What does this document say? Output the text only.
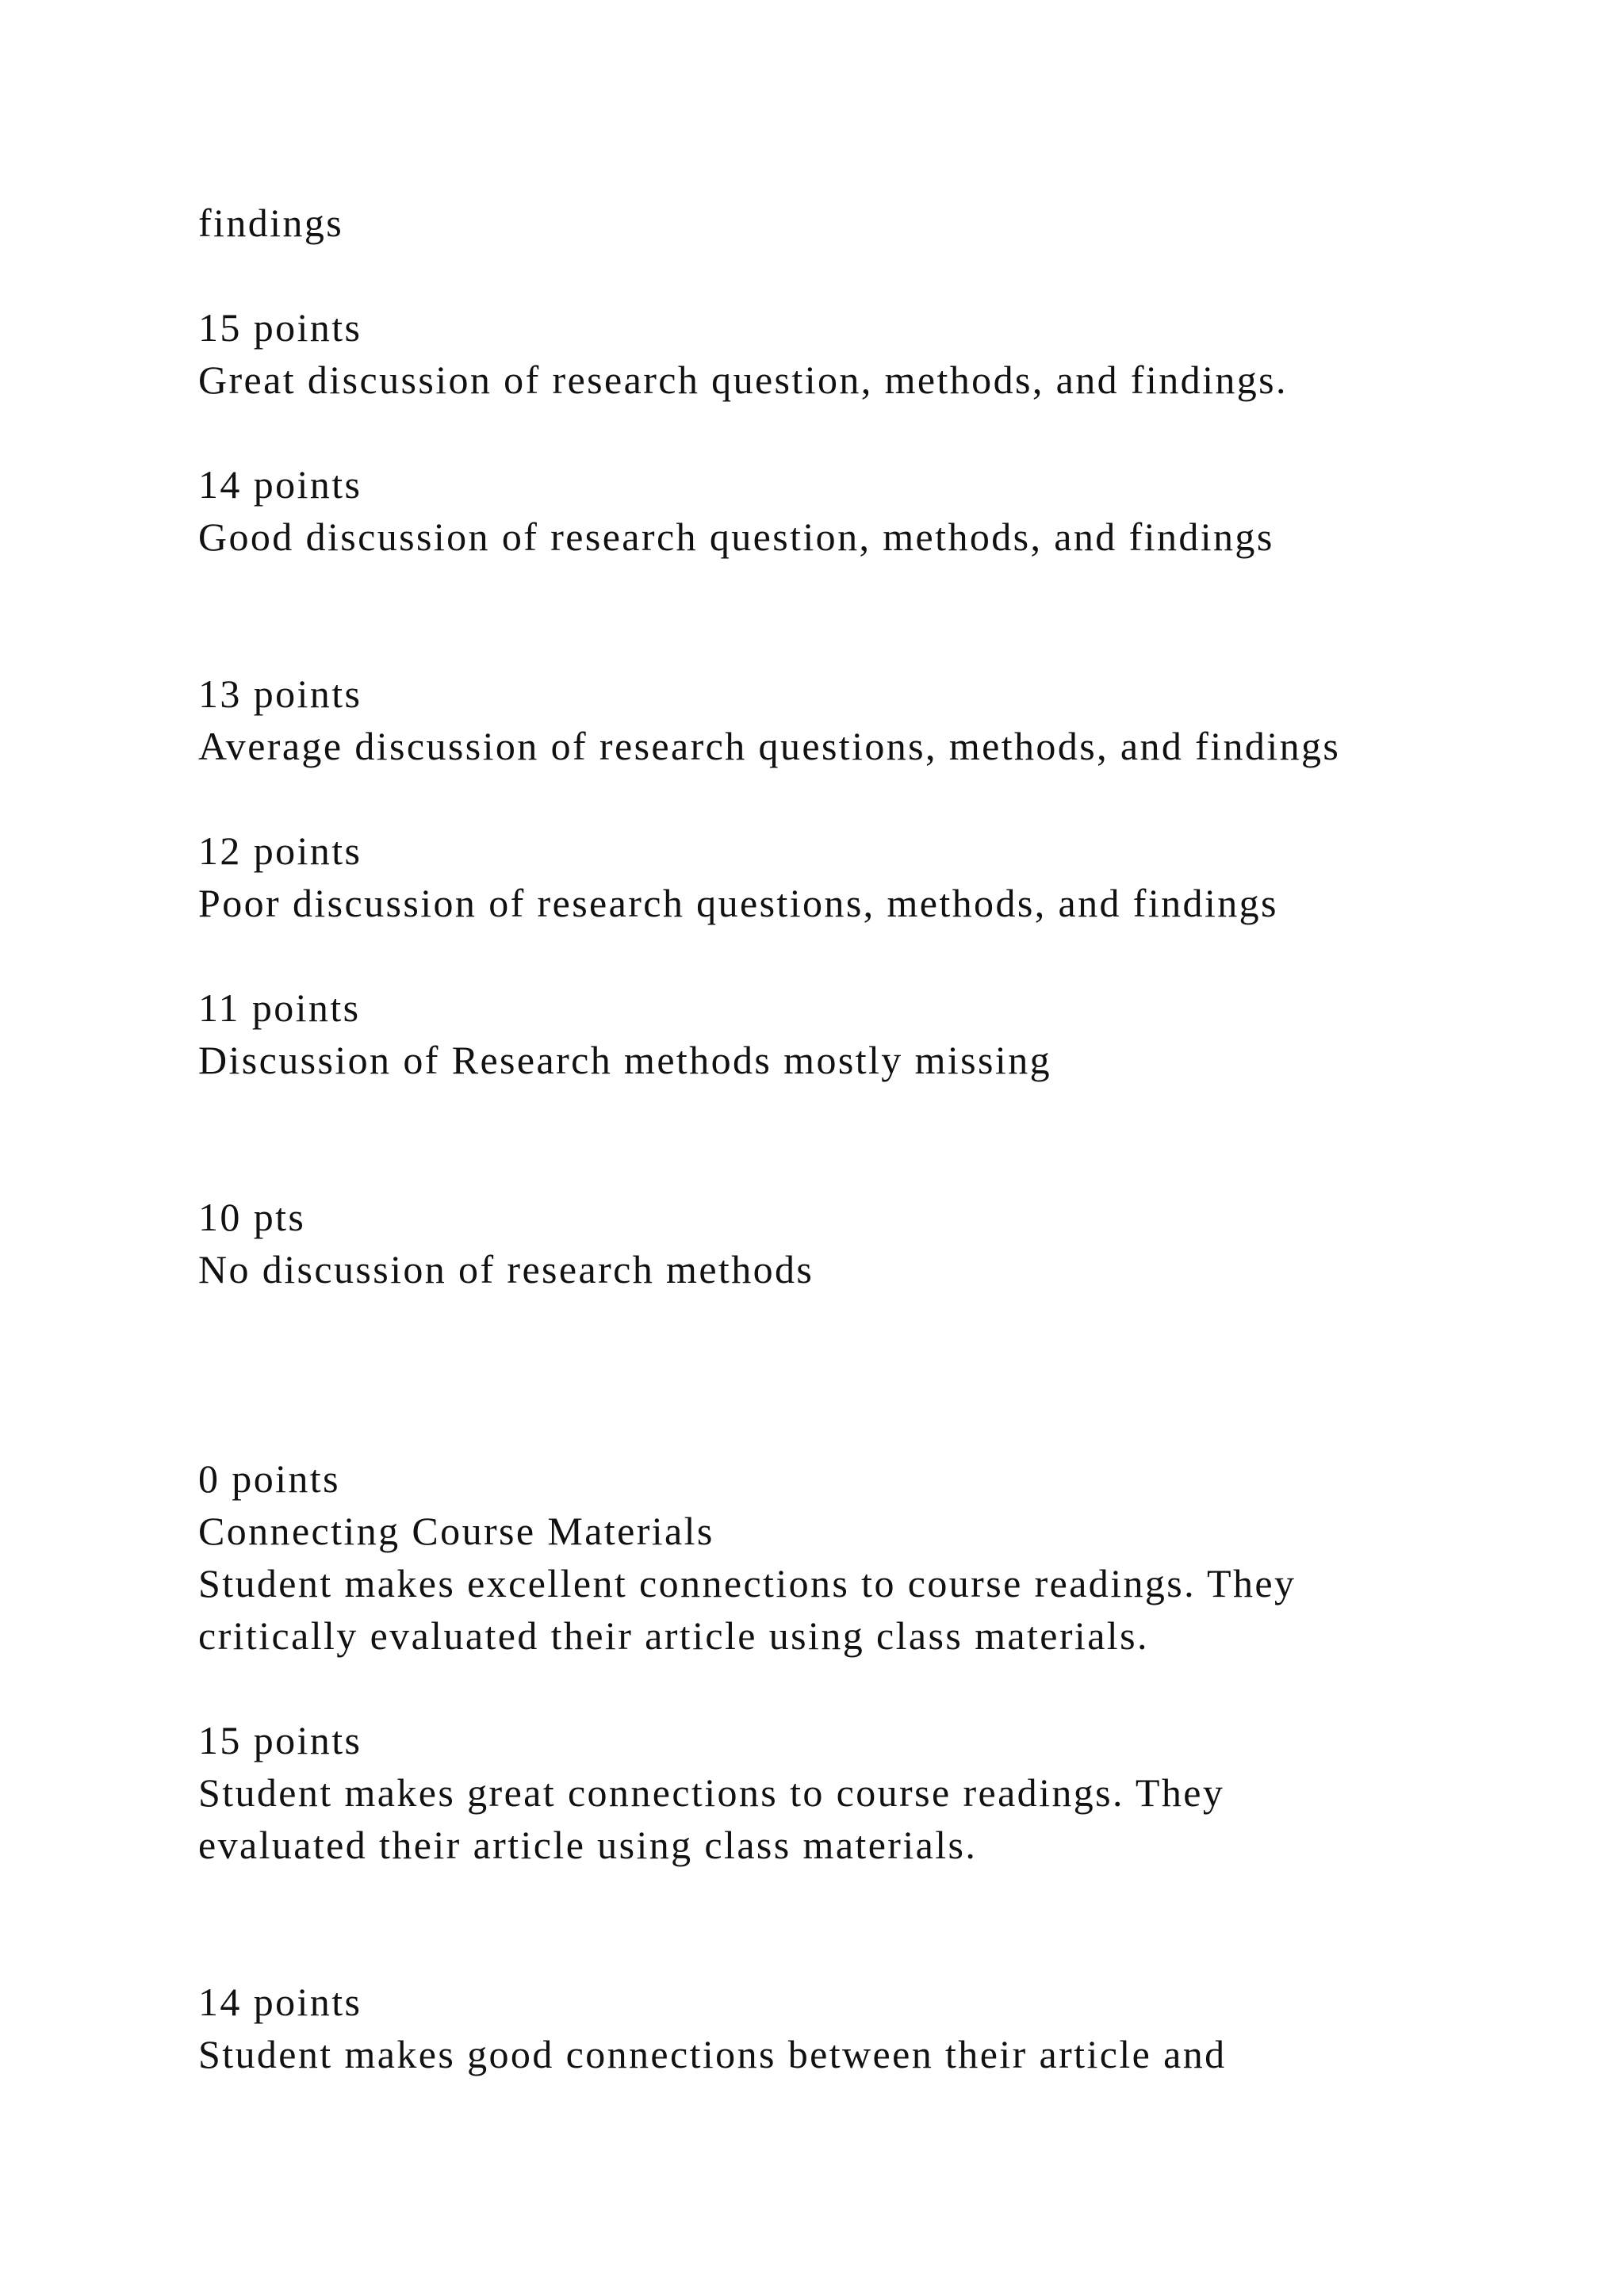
findings

15 points

Great discussion of research question, methods, and findings.

14 points

Good discussion of research question, methods, and findings

13 points

Average discussion of research questions, methods, and findings

12 points

Poor discussion of research questions, methods, and findings

11 points

Discussion of Research methods mostly missing

10 pts

No discussion of research methods

0 points

Connecting Course Materials

Student makes excellent connections to course readings. They

critically evaluated their article using class materials.

15 points

Student makes great connections to course readings. They

evaluated their article using class materials.

14 points

Student makes good connections between their article and
